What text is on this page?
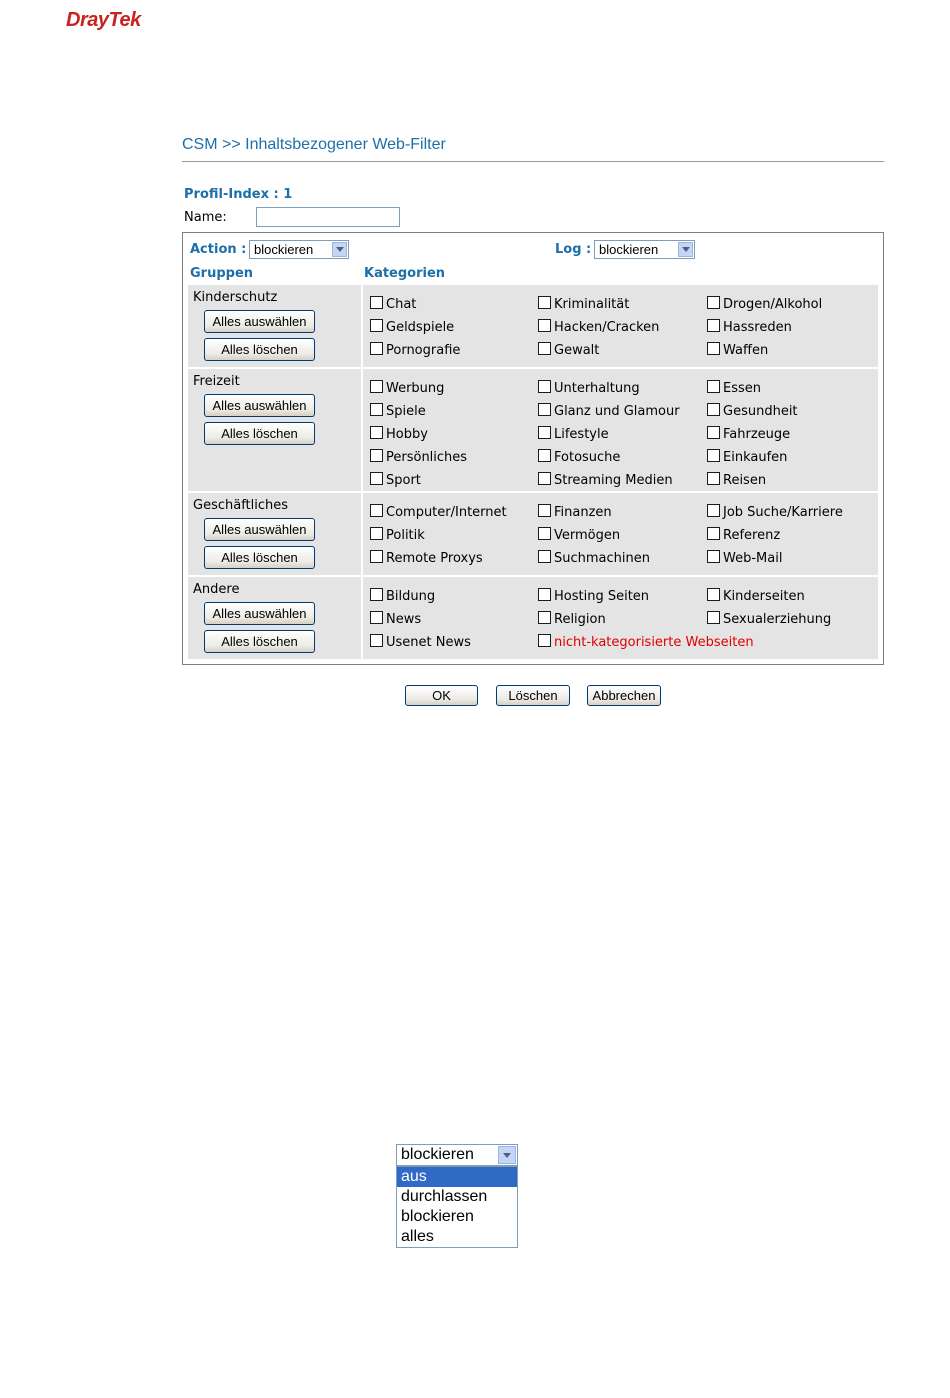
DrayTek
CSM >> Inhaltsbezogener Web-Filter
Profil-Index : 1
Name:
Action : blockieren	Log : blockieren
Gruppen	Kategorien
Kinderschutz
Alles auswählen
Alles löschen
Chat	Kriminalität	Drogen/Alkohol
Geldspiele	Hacken/Cracken	Hassreden
Pornografie	Gewalt	Waffen
Freizeit
Alles auswählen
Alles löschen
Werbung	Unterhaltung	Essen
Spiele	Glanz und Glamour	Gesundheit
Hobby	Lifestyle	Fahrzeuge
Persönliches	Fotosuche	Einkaufen
Sport	Streaming Medien	Reisen
Geschäftliches
Alles auswählen
Alles löschen
Computer/Internet	Finanzen	Job Suche/Karriere
Politik	Vermögen	Referenz
Remote Proxys	Suchmachinen	Web-Mail
Andere
Alles auswählen
Alles löschen
Bildung	Hosting Seiten	Kinderseiten
News	Religion	Sexualerziehung
Usenet News	nicht-kategorisierte Webseiten
OK	Löschen	Abbrechen
blockieren
aus
durchlassen
blockieren
alles
